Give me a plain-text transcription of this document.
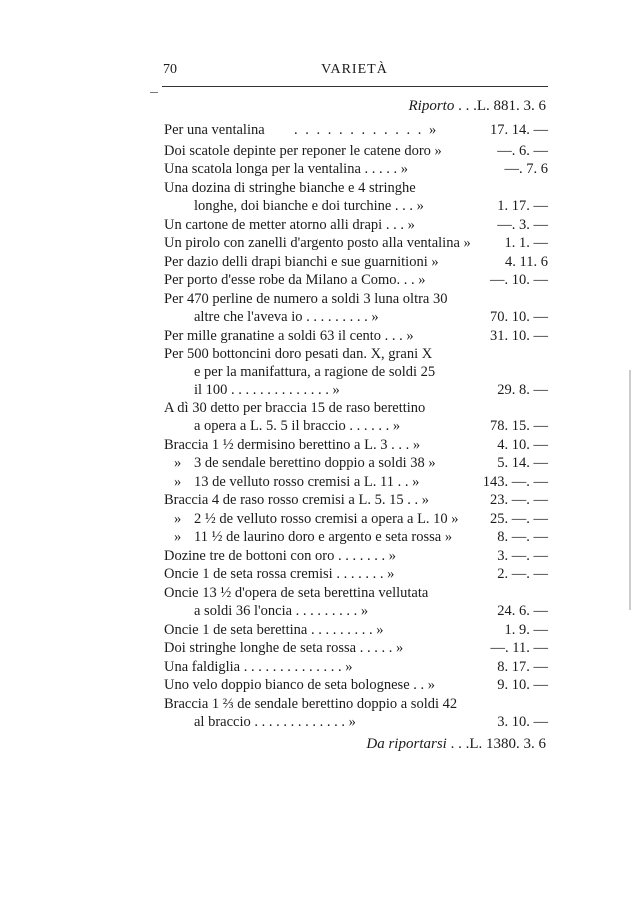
70	VARIETÀ
Riporto . . .L. 881. 3. 6
Per una ventalina . . . . . . . . . . . . »	17. 14. —
Doi scatole depinte per reponer le catene doro »	—. 6. —
Una scatola longa per la ventalina . . . . . »	—. 7. 6
Una dozina di stringhe bianche e 4 stringhe
longhe, doi bianche e doi turchine . . . »	1. 17. —
Un cartone de metter atorno alli drapi . . . »	—. 3. —
Un pirolo con zanelli d'argento posto alla ventalina » 1. 1. —
Per dazio delli drapi bianchi e sue guarnitioni »	4. 11. 6
Per porto d'esse robe da Milano a Como. . . »	—. 10. —
Per 470 perline de numero a soldi 3 luna oltra 30
altre che l'aveva io . . . . . . . . . »	70. 10. —
Per mille granatine a soldi 63 il cento . . . »	31. 10. —
Per 500 bottoncini doro pesati dan. X, grani X
e per la manifattura, a ragione de soldi 25
il 100 . . . . . . . . . . . . . . »	29. 8. —
A dì 30 detto per braccia 15 de raso berettino
a opera a L. 5. 5 il braccio . . . . . . »	78. 15. —
Braccia 1 ½ dermisino berettino a L. 3 . . . »	4. 10. —
» 3 de sendale berettino doppio a soldi 38 »	5. 14. —
» 13 de velluto rosso cremisi a L. 11 . . »	143. —. —
Braccia 4 de raso rosso cremisi a L. 5. 15 . . »	23. —. —
» 2 ½ de velluto rosso cremisi a opera a L. 10 » 25. —. —
» 11 ½ de laurino doro e argento e seta rossa »	8. —. —
Dozine tre de bottoni con oro . . . . . . . »	3. —. —
Oncie 1 de seta rossa cremisi . . . . . . . »	2. —. —
Oncie 13 ½ d'opera de seta berettina vellutata
a soldi 36 l'oncia . . . . . . . . . »	24. 6. —
Oncie 1 de seta berettina . . . . . . . . . »	1. 9. —
Doi stringhe longhe de seta rossa . . . . . »	—. 11. —
Una faldiglia . . . . . . . . . . . . . . »	8. 17. —
Uno velo doppio bianco de seta bolognese . . »	9. 10. —
Braccia 1 ⅔ de sendale berettino doppio a soldi 42
al braccio . . . . . . . . . . . . . »	3. 10. —
Da riportarsi . . .L. 1380. 3. 6
